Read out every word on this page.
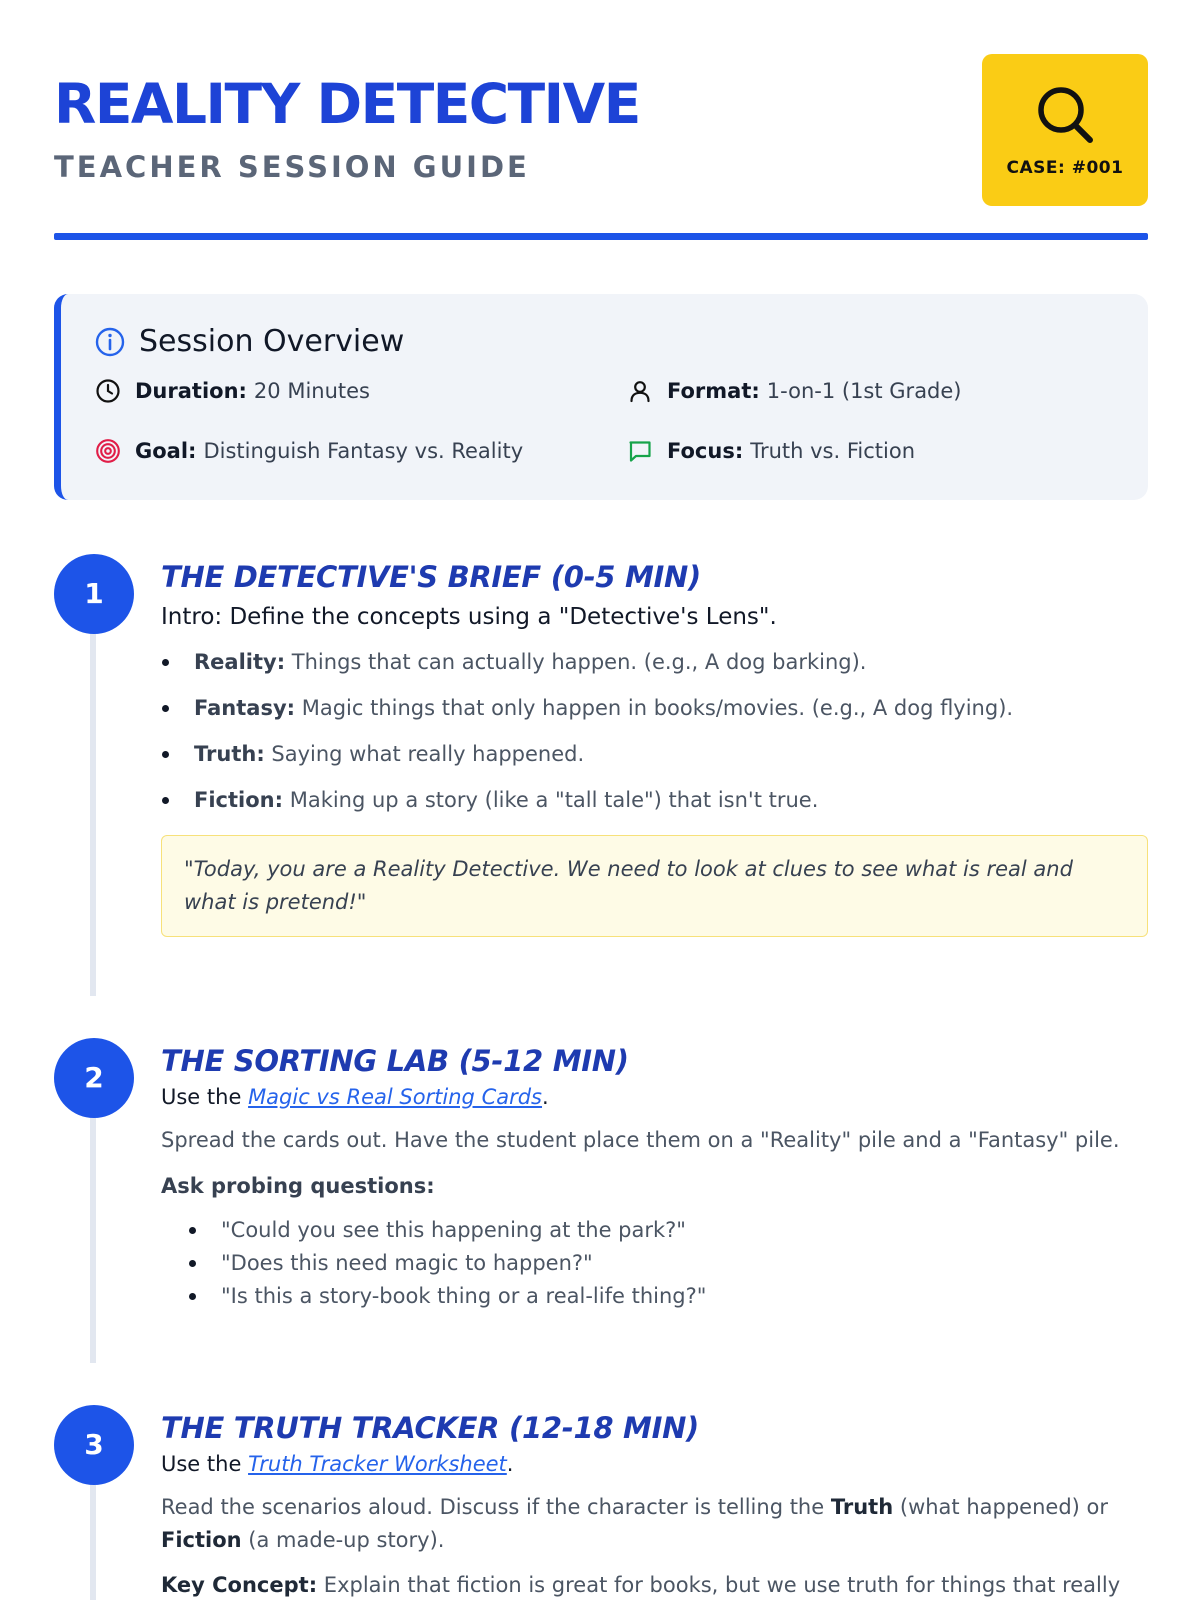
REALITY DETECTIVE
TEACHER SESSION GUIDE	CASE: #001
Session Overview
Duration: 20 Minutes	Format: 1-on-1 (1st Grade)
Goal: Distinguish Fantasy vs. Reality	Focus: Truth vs. Fiction
1	THE DETECTIVE'S BRIEF (0-5 MIN)
Intro: Define the concepts using a "Detective's Lens".
Reality: Things that can actually happen. (e.g., A dog barking).
Fantasy: Magic things that only happen in books/movies. (e.g., A dog flying).
Truth: Saying what really happened.
Fiction: Making up a story (like a "tall tale") that isn't true.
"Today, you are a Reality Detective. We need to look at clues to see what is real and what is pretend!"
2	THE SORTING LAB (5-12 MIN)
Use the Magic vs Real Sorting Cards.
Spread the cards out. Have the student place them on a "Reality" pile and a "Fantasy" pile.
Ask probing questions:
"Could you see this happening at the park?"
"Does this need magic to happen?"
"Is this a story-book thing or a real-life thing?"
3	THE TRUTH TRACKER (12-18 MIN)
Use the Truth Tracker Worksheet.
Read the scenarios aloud. Discuss if the character is telling the Truth (what happened) or Fiction (a made-up story).
Key Concept: Explain that fiction is great for books, but we use truth for things that really
